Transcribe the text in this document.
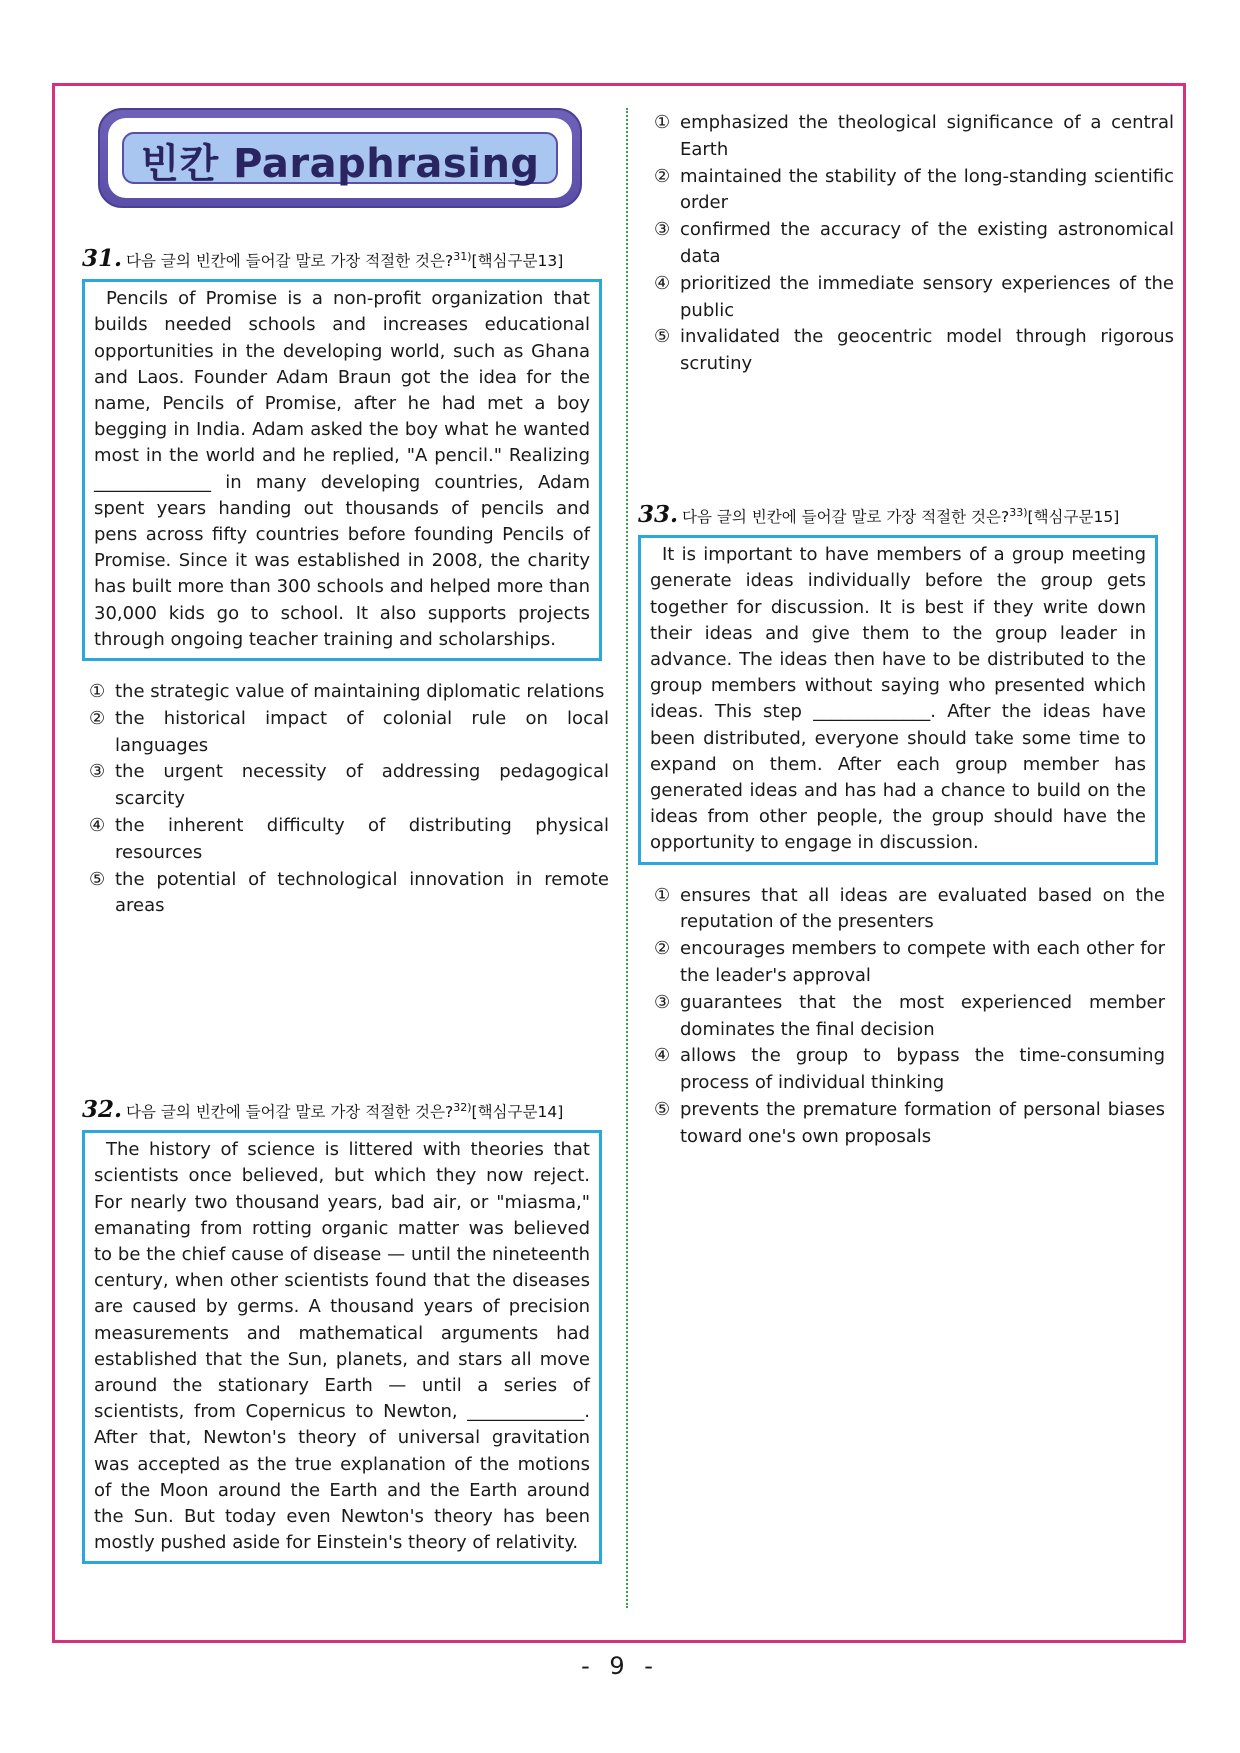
빈칸 Paraphrasing
31. 다음 글의 빈칸에 들어갈 말로 가장 적절한 것은?$^{31)}$[핵심구문13]
Pencils of Promise is a non-profit organization that builds needed schools and increases educational opportunities in the developing world, such as Ghana and Laos. Founder Adam Braun got the idea for the name, Pencils of Promise, after he had met a boy begging in India. Adam asked the boy what he wanted most in the world and he replied, "A pencil." Realizing _____________ in many developing countries, Adam spent years handing out thousands of pencils and pens across fifty countries before founding Pencils of Promise. Since it was established in 2008, the charity has built more than 300 schools and helped more than 30,000 kids go to school. It also supports projects through ongoing teacher training and scholarships.
① the strategic value of maintaining diplomatic relations
② the historical impact of colonial rule on local languages
③ the urgent necessity of addressing pedagogical scarcity
④ the inherent difficulty of distributing physical resources
⑤ the potential of technological innovation in remote areas
32. 다음 글의 빈칸에 들어갈 말로 가장 적절한 것은?$^{32)}$[핵심구문14]
The history of science is littered with theories that scientists once believed, but which they now reject. For nearly two thousand years, bad air, or "miasma," emanating from rotting organic matter was believed to be the chief cause of disease — until the nineteenth century, when other scientists found that the diseases are caused by germs. A thousand years of precision measurements and mathematical arguments had established that the Sun, planets, and stars all move around the stationary Earth — until a series of scientists, from Copernicus to Newton, _____________. After that, Newton's theory of universal gravitation was accepted as the true explanation of the motions of the Moon around the Earth and the Earth around the Sun. But today even Newton's theory has been mostly pushed aside for Einstein's theory of relativity.
① emphasized the theological significance of a central Earth
② maintained the stability of the long-standing scientific order
③ confirmed the accuracy of the existing astronomical data
④ prioritized the immediate sensory experiences of the public
⑤ invalidated the geocentric model through rigorous scrutiny
33. 다음 글의 빈칸에 들어갈 말로 가장 적절한 것은?$^{33)}$[핵심구문15]
It is important to have members of a group meeting generate ideas individually before the group gets together for discussion. It is best if they write down their ideas and give them to the group leader in advance. The ideas then have to be distributed to the group members without saying who presented which ideas. This step _____________. After the ideas have been distributed, everyone should take some time to expand on them. After each group member has generated ideas and has had a chance to build on the ideas from other people, the group should have the opportunity to engage in discussion.
① ensures that all ideas are evaluated based on the reputation of the presenters
② encourages members to compete with each other for the leader's approval
③ guarantees that the most experienced member dominates the final decision
④ allows the group to bypass the time-consuming process of individual thinking
⑤ prevents the premature formation of personal biases toward one's own proposals
- 9 -
